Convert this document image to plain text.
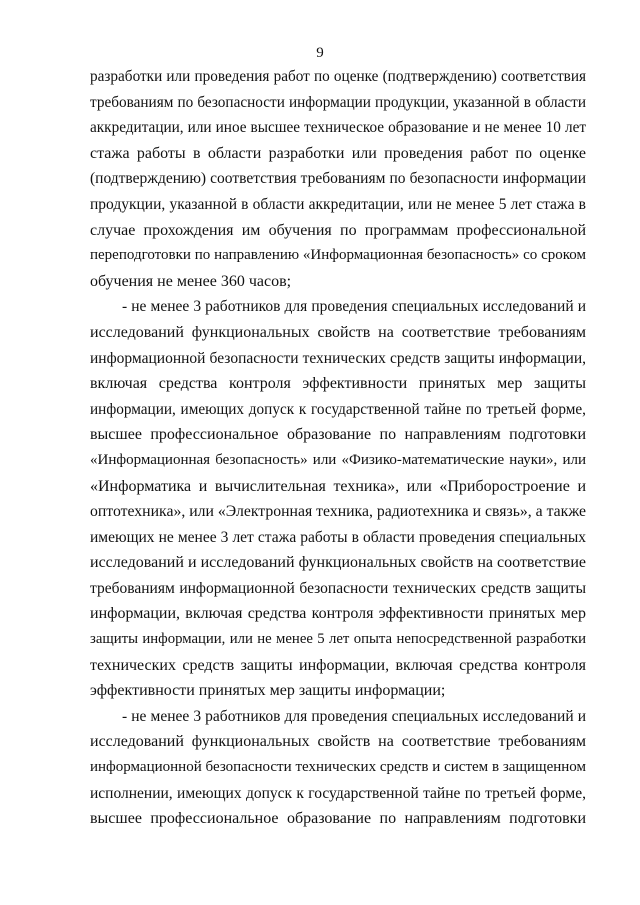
9
разработки или проведения работ по оценке (подтверждению) соответствия
требованиям по безопасности информации продукции, указанной в области
аккредитации, или иное высшее техническое образование и не менее 10 лет
стажа работы в области разработки или проведения работ по оценке
(подтверждению) соответствия требованиям по безопасности информации
продукции, указанной в области аккредитации, или не менее 5 лет стажа в
случае прохождения им обучения по программам профессиональной
переподготовки по направлению «Информационная безопасность» со сроком
обучения не менее 360 часов;
- не менее 3 работников для проведения специальных исследований и
исследований функциональных свойств на соответствие требованиям
информационной безопасности технических средств защиты информации,
включая средства контроля эффективности принятых мер защиты
информации, имеющих допуск к государственной тайне по третьей форме,
высшее профессиональное образование по направлениям подготовки
«Информационная безопасность» или «Физико-математические науки», или
«Информатика и вычислительная техника», или «Приборостроение и
оптотехника», или «Электронная техника, радиотехника и связь», а также
имеющих не менее 3 лет стажа работы в области проведения специальных
исследований и исследований функциональных свойств на соответствие
требованиям информационной безопасности технических средств защиты
информации, включая средства контроля эффективности принятых мер
защиты информации, или не менее 5 лет опыта непосредственной разработки
технических средств защиты информации, включая средства контроля
эффективности принятых мер защиты информации;
- не менее 3 работников для проведения специальных исследований и
исследований функциональных свойств на соответствие требованиям
информационной безопасности технических средств и систем в защищенном
исполнении, имеющих допуск к государственной тайне по третьей форме,
высшее профессиональное образование по направлениям подготовки
